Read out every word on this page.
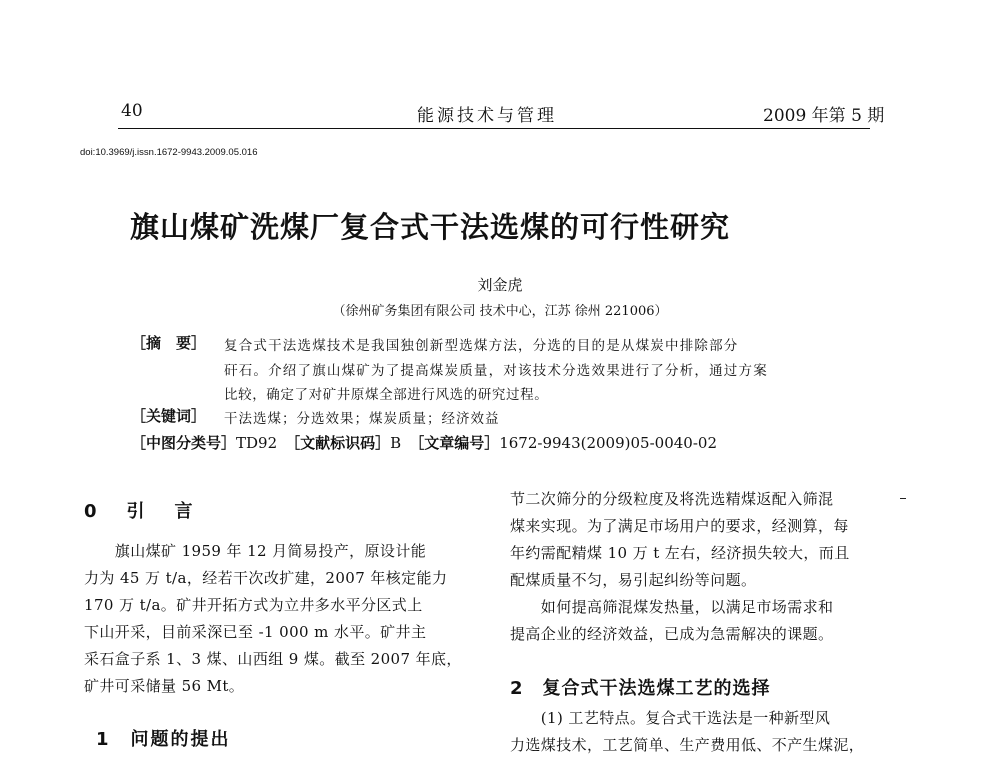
40	能源技术与管理	2009 年第 5 期
doi:10.3969/j.issn.1672-9943.2009.05.016
旗山煤矿洗煤厂复合式干法选煤的可行性研究
刘金虎
（徐州矿务集团有限公司 技术中心，江苏 徐州 221006）
［摘　要］ 复合式干法选煤技术是我国独创新型选煤方法，分选的目的是从煤炭中排除部分
矸石。介绍了旗山煤矿为了提高煤炭质量，对该技术分选效果进行了分析，通过方案
比较，确定了对矿井原煤全部进行风选的研究过程。
［关键词］ 干法选煤；分选效果；煤炭质量；经济效益
［中图分类号］TD92 ［文献标识码］B ［文章编号］1672-9943(2009)05-0040-02
0　引　言
　　旗山煤矿 1959 年 12 月简易投产，原设计能
力为 45 万 t/a，经若干次改扩建，2007 年核定能力
170 万 t/a。矿井开拓方式为立井多水平分区式上
下山开采，目前采深已至 -1 000 m 水平。矿井主
采石盒子系 1、3 煤、山西组 9 煤。截至 2007 年底，
矿井可采储量 56 Mt。
1　问题的提出
节二次筛分的分级粒度及将洗选精煤返配入筛混
煤来实现。为了满足市场用户的要求，经测算，每
年约需配精煤 10 万 t 左右，经济损失较大，而且
配煤质量不匀，易引起纠纷等问题。
　　如何提高筛混煤发热量，以满足市场需求和
提高企业的经济效益，已成为急需解决的课题。
2　复合式干法选煤工艺的选择
　　(1) 工艺特点。复合式干选法是一种新型风
力选煤技术，工艺简单、生产费用低、不产生煤泥，
